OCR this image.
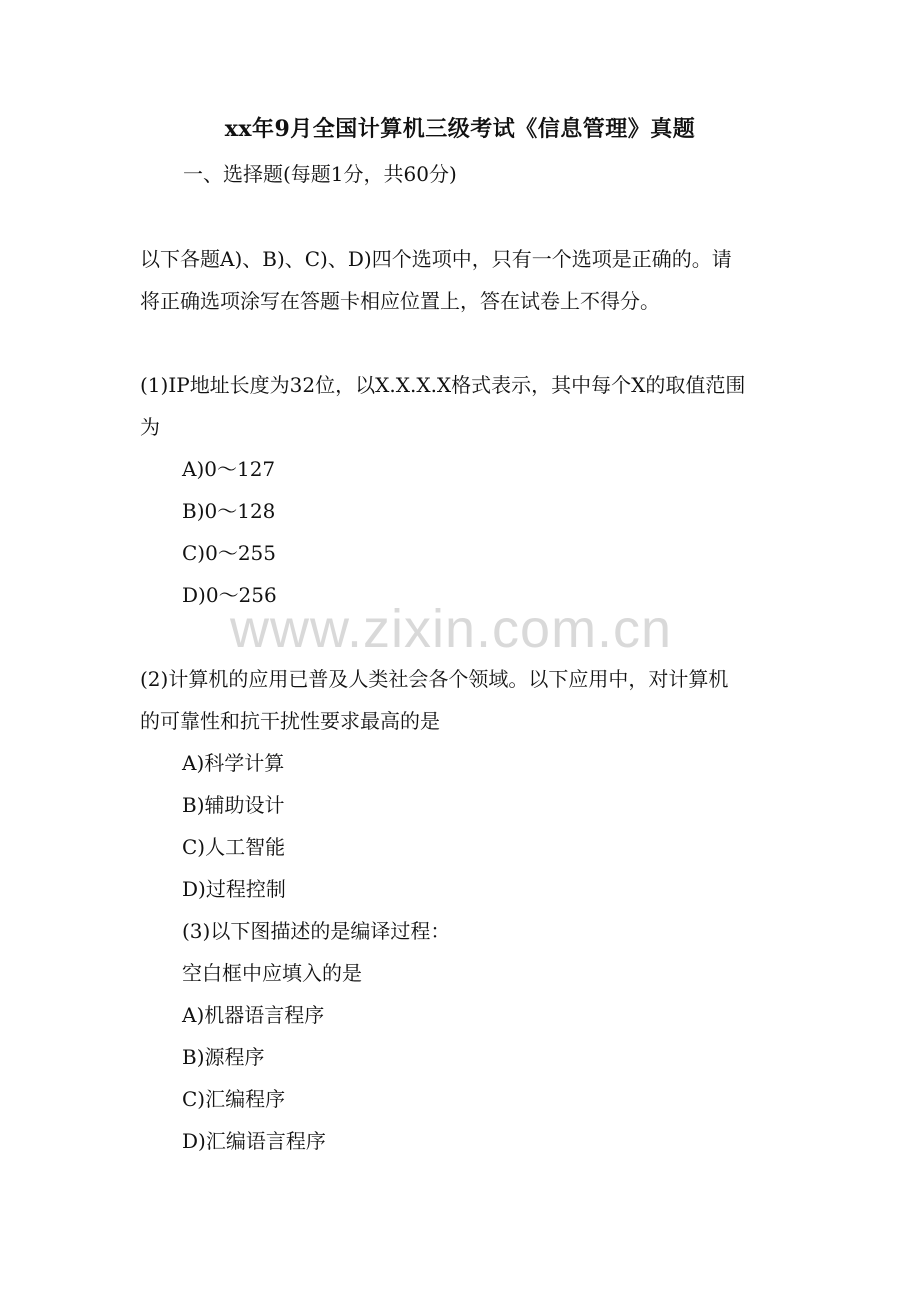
xx年9月全国计算机三级考试《信息管理》真题

一、选择题(每题1分，共60分)

以下各题A)、B)、C)、D)四个选项中，只有一个选项是正确的。请

将正确选项涂写在答题卡相应位置上，答在试卷上不得分。

(1)IP地址长度为32位，以X.X.X.X格式表示，其中每个X的取值范围

为

A)0～127

B)0～128

C)0～255

D)0～256

www.zixin.com.cn

(2)计算机的应用已普及人类社会各个领域。以下应用中，对计算机

的可靠性和抗干扰性要求最高的是

A)科学计算

B)辅助设计

C)人工智能

D)过程控制

(3)以下图描述的是编译过程：

空白框中应填入的是

A)机器语言程序

B)源程序

C)汇编程序

D)汇编语言程序
